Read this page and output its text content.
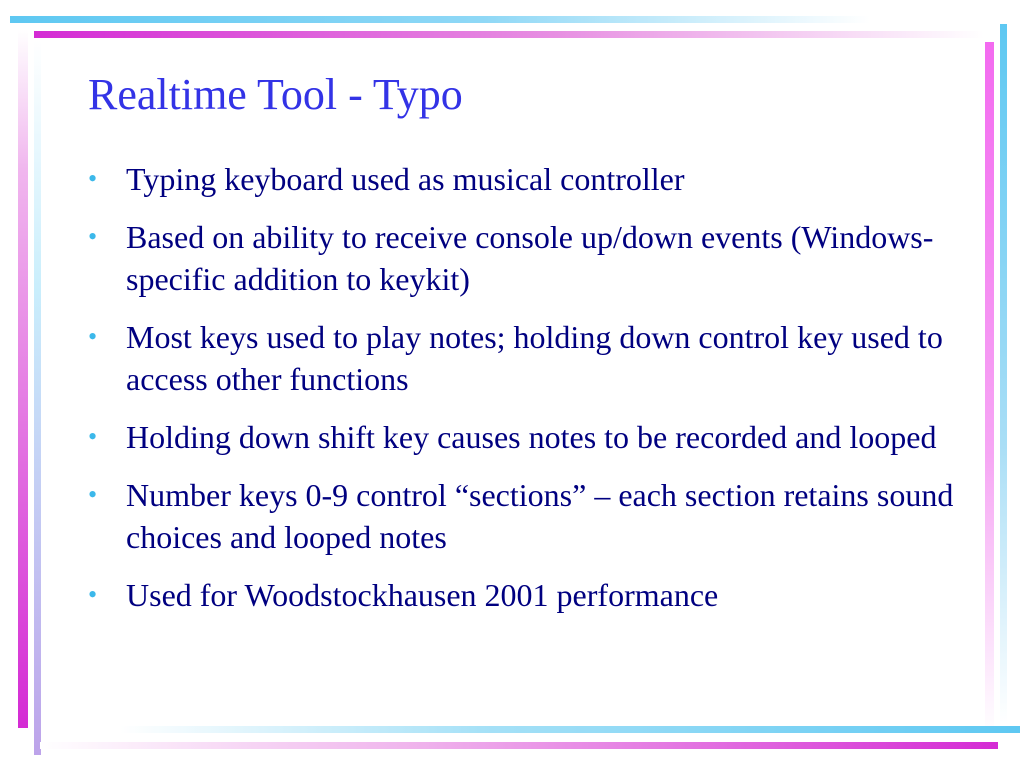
Realtime Tool - Typo
• Typing keyboard used as musical controller
• Based on ability to receive console up/down events (Windows-specific addition to keykit)
• Most keys used to play notes; holding down control key used to access other functions
• Holding down shift key causes notes to be recorded and looped
• Number keys 0-9 control “sections” – each section retains sound choices and looped notes
• Used for Woodstockhausen 2001 performance
